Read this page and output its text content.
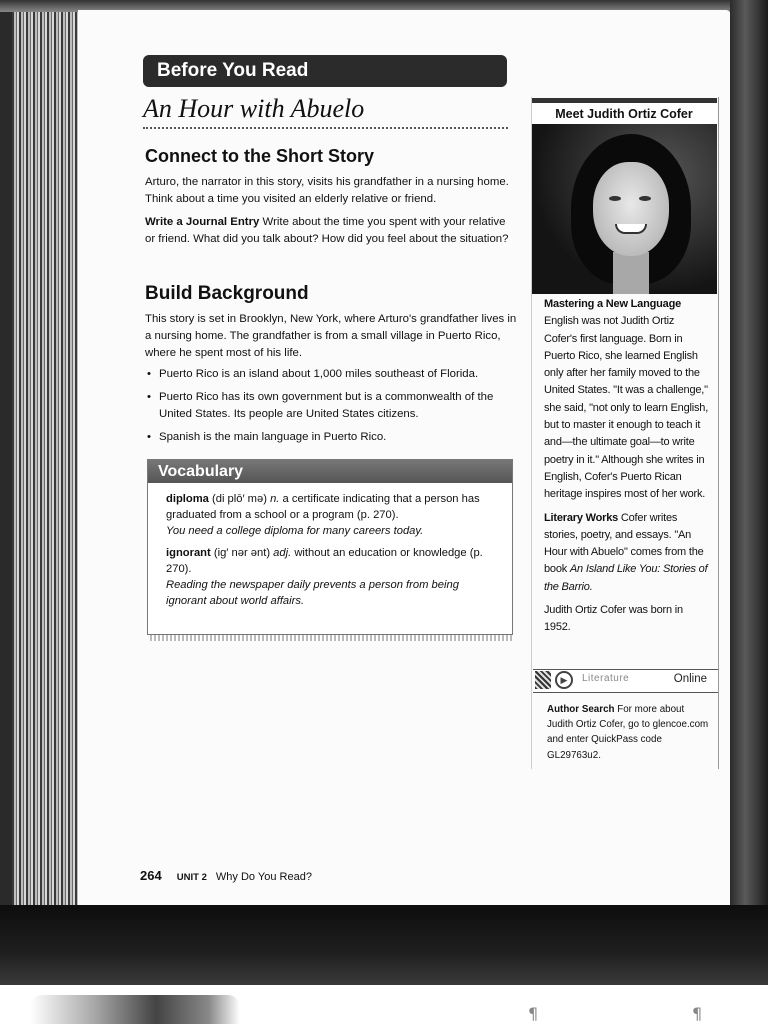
Before You Read
An Hour with Abuelo
Connect to the Short Story
Arturo, the narrator in this story, visits his grandfather in a nursing home. Think about a time you visited an elderly relative or friend.
Write a Journal Entry Write about the time you spent with your relative or friend. What did you talk about? How did you feel about the situation?
Build Background
This story is set in Brooklyn, New York, where Arturo's grandfather lives in a nursing home. The grandfather is from a small village in Puerto Rico, where he spent most of his life.
• Puerto Rico is an island about 1,000 miles southeast of Florida.
• Puerto Rico has its own government but is a commonwealth of the United States. Its people are United States citizens.
• Spanish is the main language in Puerto Rico.
Vocabulary
diploma (di plō′ mə) n. a certificate indicating that a person has graduated from a school or a program (p. 270).
You need a college diploma for many careers today.
ignorant (ig′ nər ənt) adj. without an education or knowledge (p. 270).
Reading the newspaper daily prevents a person from being ignorant about world affairs.
Meet Judith Ortiz Cofer

Mastering a New Language
English was not Judith Ortiz Cofer's first language. Born in Puerto Rico, she learned English only after her family moved to the United States. "It was a challenge," she said, "not only to learn English, but to master it enough to teach it and—the ultimate goal—to write poetry in it." Although she writes in English, Cofer's Puerto Rican heritage inspires most of her work.

Literary Works Cofer writes stories, poetry, and essays. "An Hour with Abuelo" comes from the book An Island Like You: Stories of the Barrio.

Judith Ortiz Cofer was born in 1952.

▶	Literature	Online
Author Search For more about Judith Ortiz Cofer, go to glencoe.com and enter QuickPass code GL29763u2.
264 UNIT 2 Why Do You Read?
¶	¶
